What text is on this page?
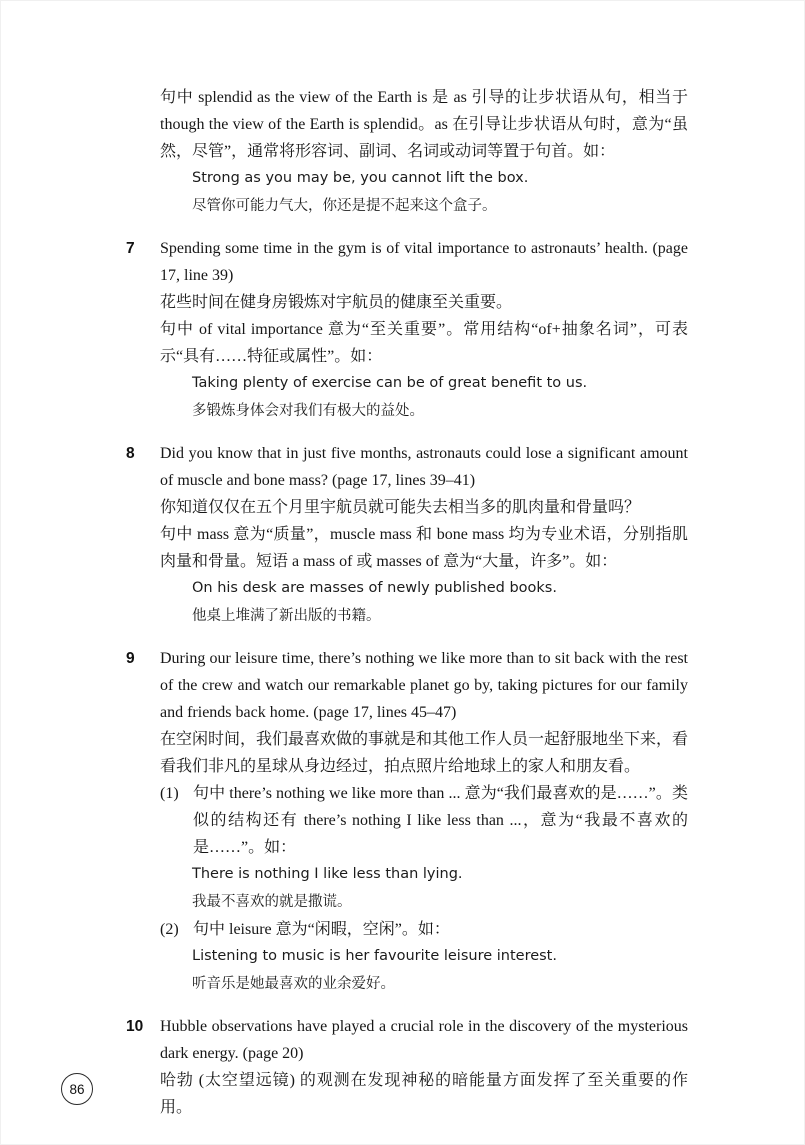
句中 splendid as the view of the Earth is 是 as 引导的让步状语从句，相当于 though the view of the Earth is splendid。as 在引导让步状语从句时，意为“虽然，尽管”，通常将形容词、副词、名词或动词等置于句首。如：

Strong as you may be, you cannot lift the box.

尽管你可能力气大，你还是提不起来这个盒子。

7 Spending some time in the gym is of vital importance to astronauts’ health. (page 17, line 39)

花些时间在健身房锻炼对宇航员的健康至关重要。

句中 of vital importance 意为“至关重要”。常用结构“of+抽象名词”，可表示“具有……特征或属性”。如：

Taking plenty of exercise can be of great benefit to us.

多锻炼身体会对我们有极大的益处。

8 Did you know that in just five months, astronauts could lose a significant amount of muscle and bone mass? (page 17, lines 39–41)

你知道仅仅在五个月里宇航员就可能失去相当多的肌肉量和骨量吗？

句中 mass 意为“质量”，muscle mass 和 bone mass 均为专业术语，分别指肌肉量和骨量。短语 a mass of 或 masses of 意为“大量，许多”。如：

On his desk are masses of newly published books.

他桌上堆满了新出版的书籍。

9 During our leisure time, there’s nothing we like more than to sit back with the rest of the crew and watch our remarkable planet go by, taking pictures for our family and friends back home. (page 17, lines 45–47)

在空闲时间，我们最喜欢做的事就是和其他工作人员一起舒服地坐下来，看看我们非凡的星球从身边经过，拍点照片给地球上的家人和朋友看。

(1) 句中 there’s nothing we like more than ... 意为“我们最喜欢的是……”。类似的结构还有 there’s nothing I like less than ...，意为“我最不喜欢的是……”。如：

There is nothing I like less than lying.

我最不喜欢的就是撒谎。

(2) 句中 leisure 意为“闲暇，空闲”。如：

Listening to music is her favourite leisure interest.

听音乐是她最喜欢的业余爱好。

10 Hubble observations have played a crucial role in the discovery of the mysterious dark energy. (page 20)

哈勃 (太空望远镜) 的观测在发现神秘的暗能量方面发挥了至关重要的作用。

86
